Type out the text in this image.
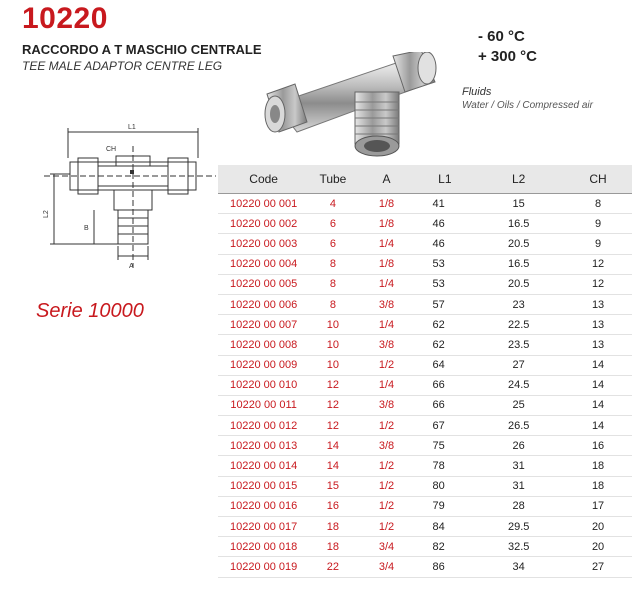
10220
RACCORDO A T MASCHIO CENTRALE
TEE MALE ADAPTOR CENTRE LEG
- 60 °C
+ 300 °C
Fluids
Water / Oils / Compressed air
L1
CH
B
A
L2
Serie 10000
Code	Tube	A	L1	L2	CH
10220 00 001	4	1/8	41	15	8
10220 00 002	6	1/8	46	16.5	9
10220 00 003	6	1/4	46	20.5	9
10220 00 004	8	1/8	53	16.5	12
10220 00 005	8	1/4	53	20.5	12
10220 00 006	8	3/8	57	23	13
10220 00 007	10	1/4	62	22.5	13
10220 00 008	10	3/8	62	23.5	13
10220 00 009	10	1/2	64	27	14
10220 00 010	12	1/4	66	24.5	14
10220 00 011	12	3/8	66	25	14
10220 00 012	12	1/2	67	26.5	14
10220 00 013	14	3/8	75	26	16
10220 00 014	14	1/2	78	31	18
10220 00 015	15	1/2	80	31	18
10220 00 016	16	1/2	79	28	17
10220 00 017	18	1/2	84	29.5	20
10220 00 018	18	3/4	82	32.5	20
10220 00 019	22	3/4	86	34	27
